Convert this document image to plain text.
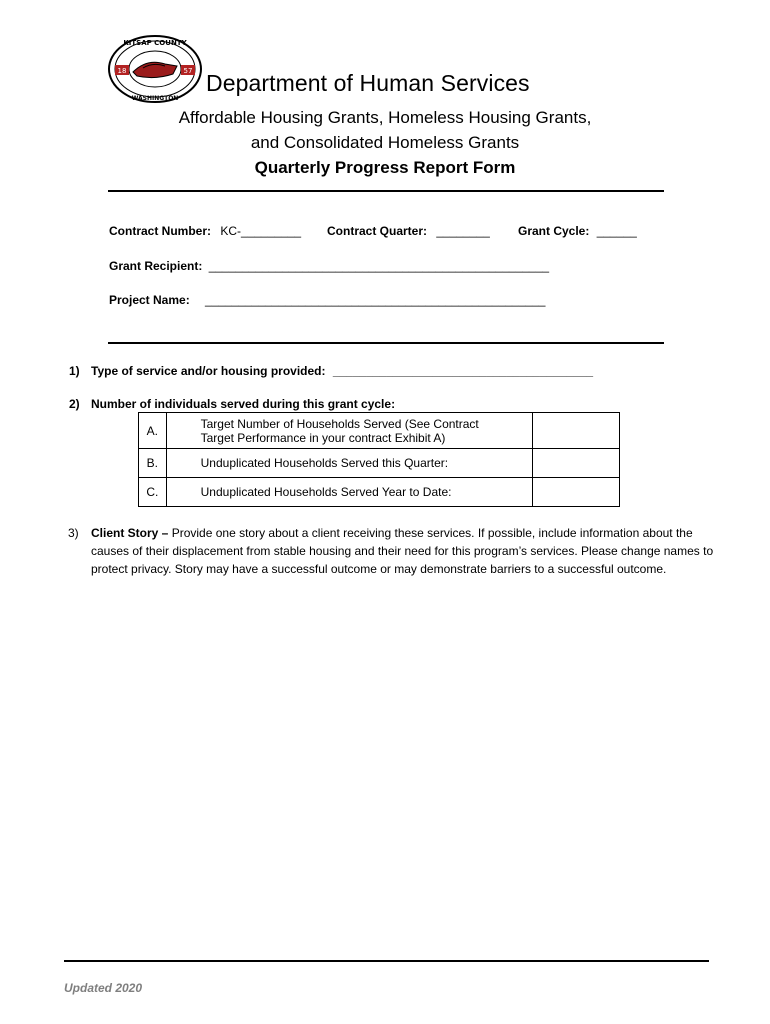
KITSAP COUNTY
WASHINGTON
18	57 Department of Human Services
Affordable Housing Grants, Homeless Housing Grants,
and Consolidated Homeless Grants
Quarterly Progress Report Form
Contract Number: KC-_________ Contract Quarter: ________ Grant Cycle: ______
Grant Recipient: ___________________________________________________
Project Name: ___________________________________________________
1) Type of service and/or housing provided: _______________________________________
2) Number of individuals served during this grant cycle:
A.	Target Number of Households Served (See Contract
Target Performance in your contract Exhibit A)	

B.	Unduplicated Households Served this Quarter:	
C.	Unduplicated Households Served Year to Date:	
3) Client Story – Provide one story about a client receiving these services. If possible, include information about the causes of their displacement from stable housing and their need for this program’s services. Please change names to protect privacy. Story may have a successful outcome or may demonstrate barriers to a successful outcome.
Updated 2020
